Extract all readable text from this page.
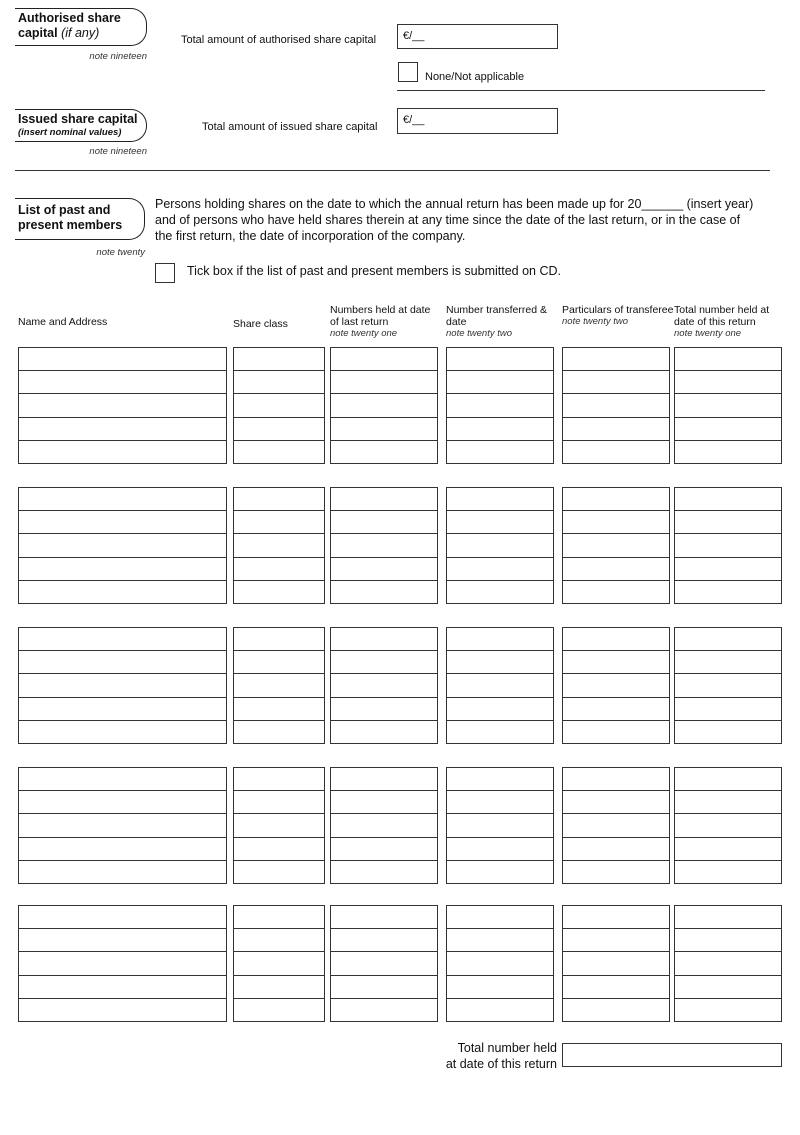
Authorised share
capital (if any)
note nineteen
Total amount of authorised share capital	€/__
None/Not applicable
Issued share capital
(insert nominal values)
note nineteen
Total amount of issued share capital
€/__
List of past and
present members
note twenty
Persons holding shares on the date to which the annual return has been made up for 20______ (insert year)
and of persons who have held shares therein at any time since the date of the last return, or in the case of
the first return, the date of incorporation of the company.
Tick box if the list of past and present members is submitted on CD.
Name and Address	Share class
Numbers held at date of last return
note twenty one
Number transferred & date
note twenty two
Particulars of transferee
note twenty two
Total number held at date of this return
note twenty one
Total number held
at date of this return
